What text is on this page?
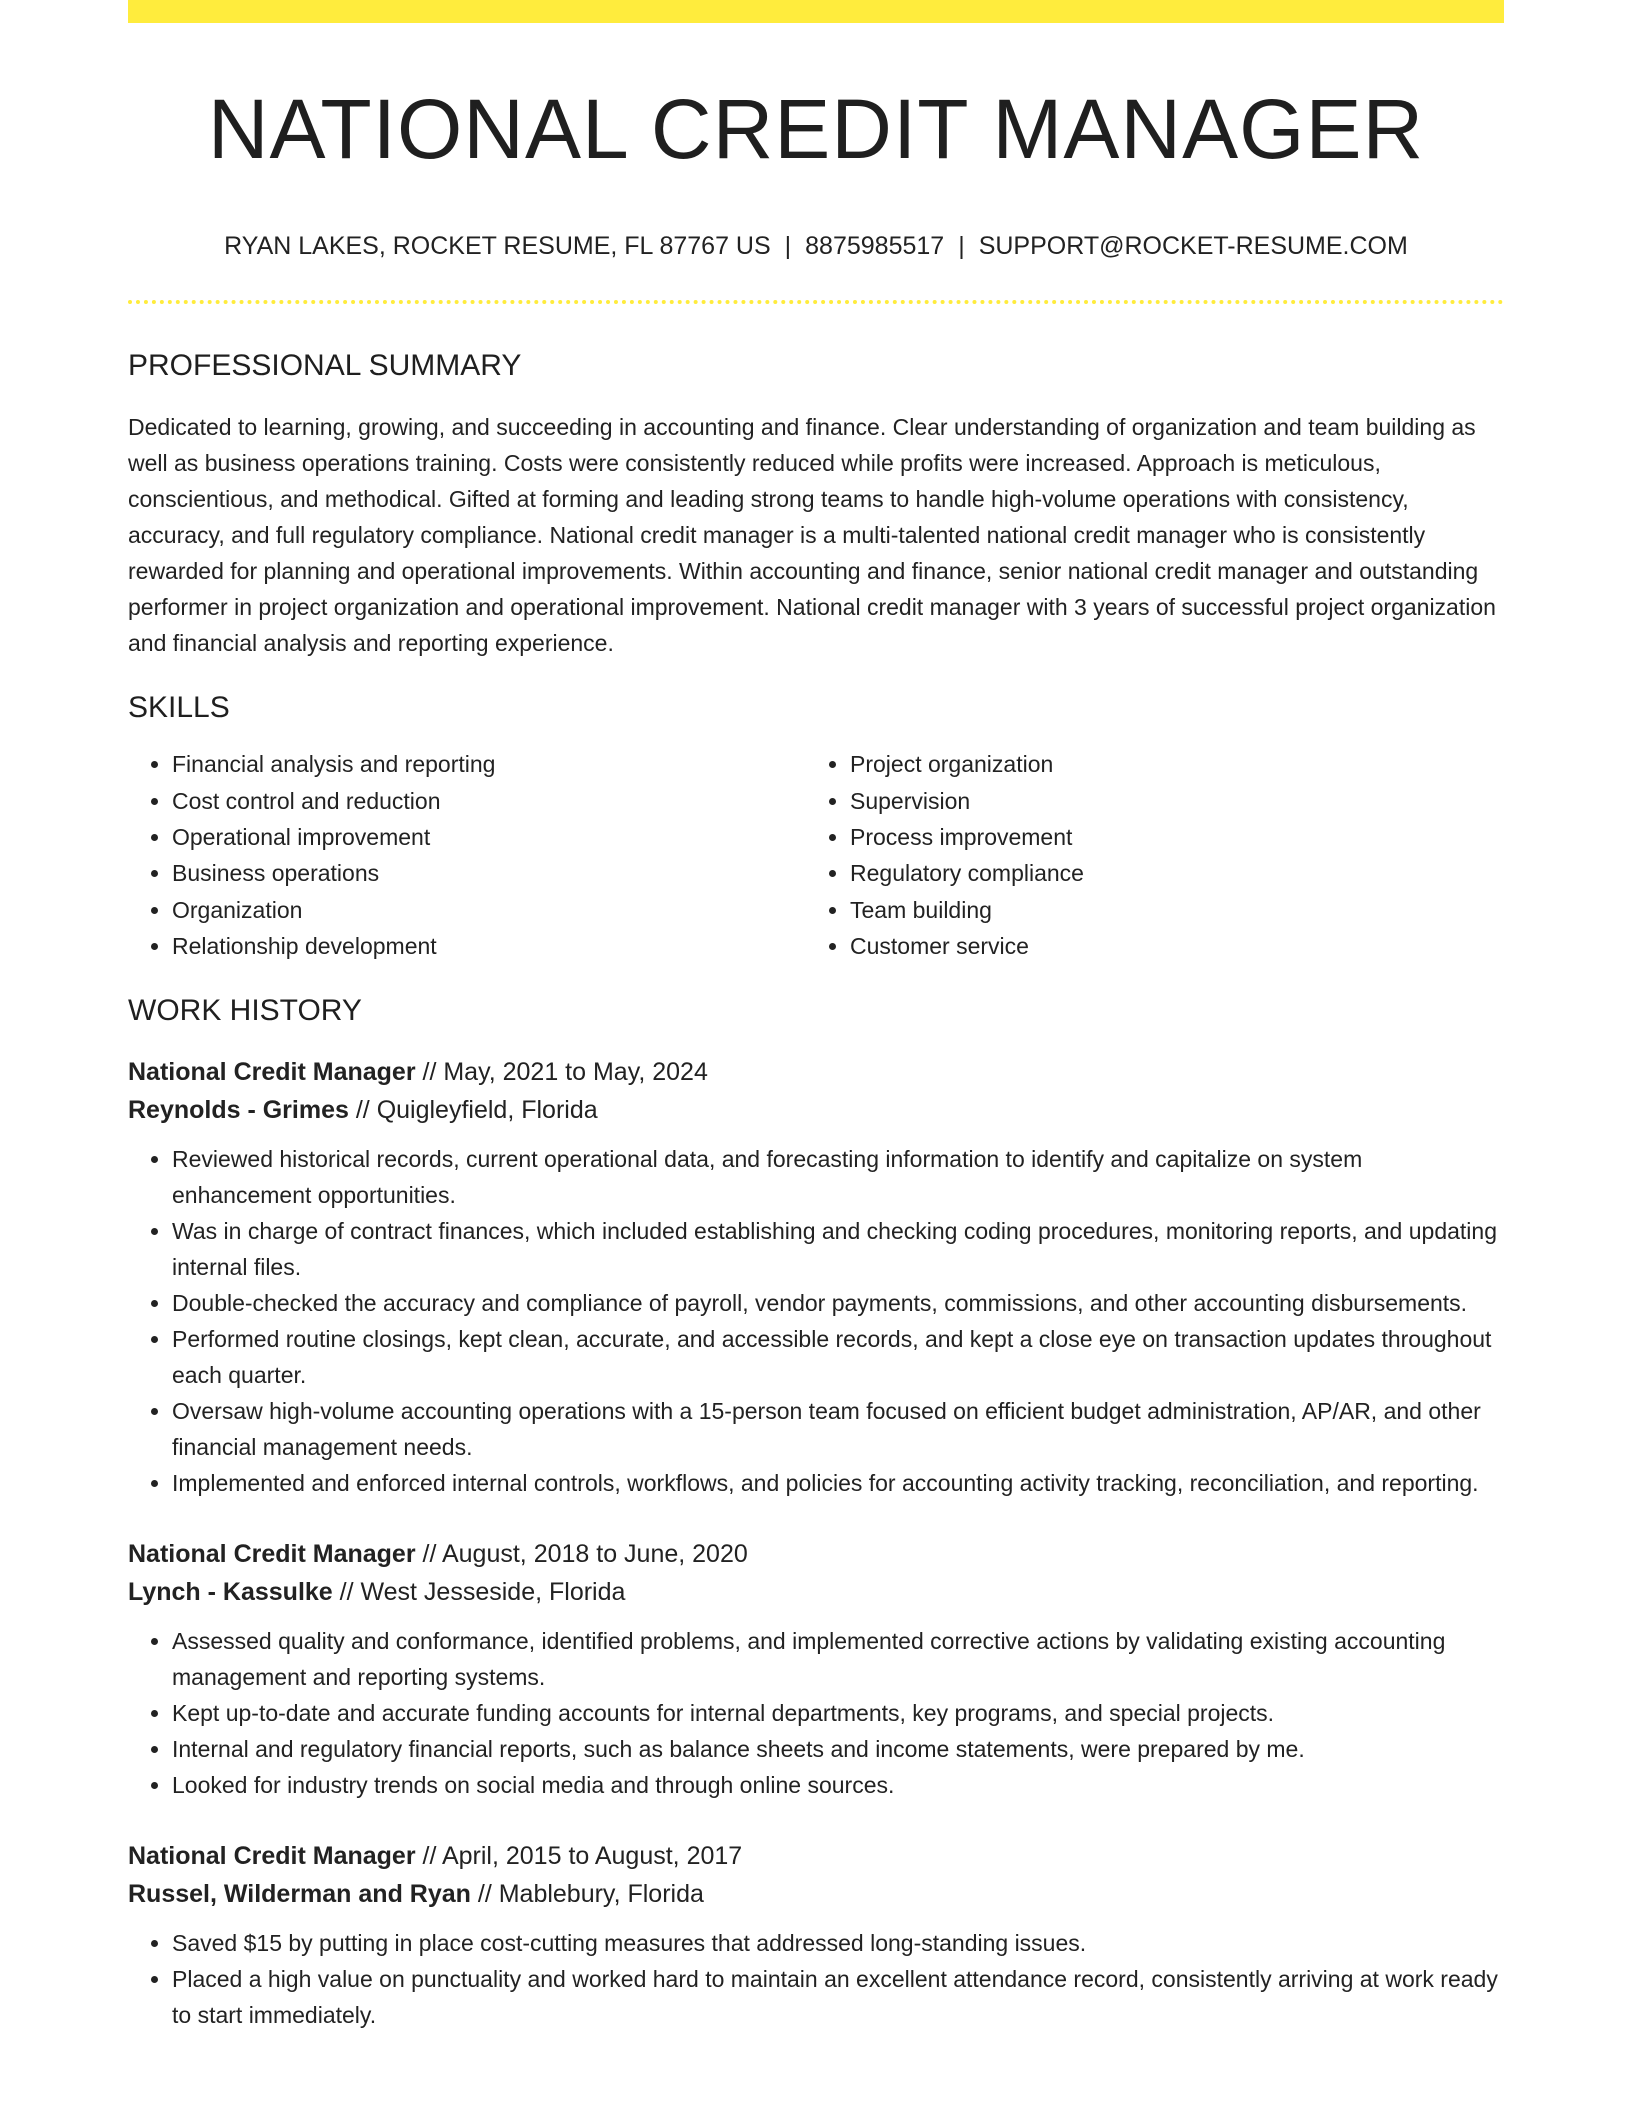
NATIONAL CREDIT MANAGER
RYAN LAKES, ROCKET RESUME, FL 87767 US | 8875985517 | SUPPORT@ROCKET-RESUME.COM
PROFESSIONAL SUMMARY
Dedicated to learning, growing, and succeeding in accounting and finance. Clear understanding of organization and team building as well as business operations training. Costs were consistently reduced while profits were increased. Approach is meticulous, conscientious, and methodical. Gifted at forming and leading strong teams to handle high-volume operations with consistency, accuracy, and full regulatory compliance. National credit manager is a multi-talented national credit manager who is consistently rewarded for planning and operational improvements. Within accounting and finance, senior national credit manager and outstanding performer in project organization and operational improvement. National credit manager with 3 years of successful project organization and financial analysis and reporting experience.
SKILLS
• Financial analysis and reporting
• Cost control and reduction
• Operational improvement
• Business operations
• Organization
• Relationship development
• Project organization
• Supervision
• Process improvement
• Regulatory compliance
• Team building
• Customer service
WORK HISTORY
National Credit Manager // May, 2021 to May, 2024
Reynolds - Grimes // Quigleyfield, Florida
• Reviewed historical records, current operational data, and forecasting information to identify and capitalize on system enhancement opportunities.
• Was in charge of contract finances, which included establishing and checking coding procedures, monitoring reports, and updating internal files.
• Double-checked the accuracy and compliance of payroll, vendor payments, commissions, and other accounting disbursements.
• Performed routine closings, kept clean, accurate, and accessible records, and kept a close eye on transaction updates throughout each quarter.
• Oversaw high-volume accounting operations with a 15-person team focused on efficient budget administration, AP/AR, and other financial management needs.
• Implemented and enforced internal controls, workflows, and policies for accounting activity tracking, reconciliation, and reporting.
National Credit Manager // August, 2018 to June, 2020
Lynch - Kassulke // West Jesseside, Florida
• Assessed quality and conformance, identified problems, and implemented corrective actions by validating existing accounting management and reporting systems.
• Kept up-to-date and accurate funding accounts for internal departments, key programs, and special projects.
• Internal and regulatory financial reports, such as balance sheets and income statements, were prepared by me.
• Looked for industry trends on social media and through online sources.
National Credit Manager // April, 2015 to August, 2017
Russel, Wilderman and Ryan // Mablebury, Florida
• Saved $15 by putting in place cost-cutting measures that addressed long-standing issues.
• Placed a high value on punctuality and worked hard to maintain an excellent attendance record, consistently arriving at work ready to start immediately.
